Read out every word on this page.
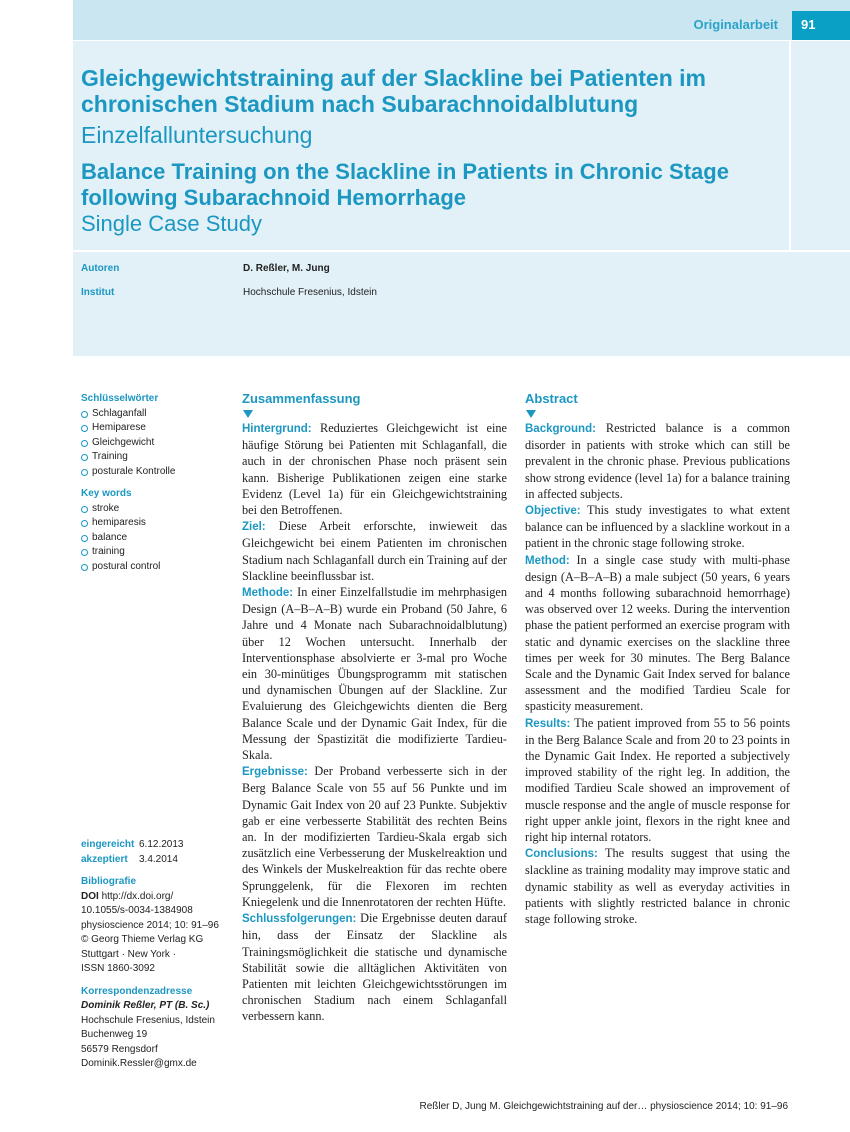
Originalarbeit	91
Gleichgewichtstraining auf der Slackline bei Patienten im chronischen Stadium nach Subarachnoidalblutung
Einzelfalluntersuchung
Balance Training on the Slackline in Patients in Chronic Stage following Subarachnoid Hemorrhage
Single Case Study
Autoren	D. Reßler, M. Jung
Institut	Hochschule Fresenius, Idstein
Schlüsselwörter
Schlaganfall
Hemiparese
Gleichgewicht
Training
posturale Kontrolle
Key words
stroke
hemiparesis
balance
training
postural control
eingereicht 6.12.2013
akzeptiert 3.4.2014
Bibliografie
DOI http://dx.doi.org/
10.1055/s-0034-1384908
physioscience 2014; 10: 91–96
© Georg Thieme Verlag KG
Stuttgart · New York ·
ISSN 1860-3092
Korrespondenzadresse
Dominik Reßler, PT (B. Sc.)
Hochschule Fresenius, Idstein
Buchenweg 19
56579 Rengsdorf
Dominik.Ressler@gmx.de
Zusammenfassung
Hintergrund: Reduziertes Gleichgewicht ist eine häufige Störung bei Patienten mit Schlaganfall, die auch in der chronischen Phase noch präsent sein kann. Bisherige Publikationen zeigen eine starke Evidenz (Level 1a) für ein Gleichgewichtstraining bei den Betroffenen.
Ziel: Diese Arbeit erforschte, inwieweit das Gleichgewicht bei einem Patienten im chronischen Stadium nach Schlaganfall durch ein Training auf der Slackline beeinflussbar ist.
Methode: In einer Einzelfallstudie im mehrphasigen Design (A–B–A–B) wurde ein Proband (50 Jahre, 6 Jahre und 4 Monate nach Subarachnoidalblutung) über 12 Wochen untersucht. Innerhalb der Interventionsphase absolvierte er 3-mal pro Woche ein 30-minütiges Übungsprogramm mit statischen und dynamischen Übungen auf der Slackline. Zur Evaluierung des Gleichgewichts dienten die Berg Balance Scale und der Dynamic Gait Index, für die Messung der Spastizität die modifizierte Tardieu-Skala.
Ergebnisse: Der Proband verbesserte sich in der Berg Balance Scale von 55 auf 56 Punkte und im Dynamic Gait Index von 20 auf 23 Punkte. Subjektiv gab er eine verbesserte Stabilität des rechten Beins an. In der modifizierten Tardieu-Skala ergab sich zusätzlich eine Verbesserung der Muskelreaktion und des Winkels der Muskelreaktion für das rechte obere Sprunggelenk, für die Flexoren im rechten Kniegelenk und die Innenrotatoren der rechten Hüfte.
Schlussfolgerungen: Die Ergebnisse deuten darauf hin, dass der Einsatz der Slackline als Trainingsmöglichkeit die statische und dynamische Stabilität sowie die alltäglichen Aktivitäten von Patienten mit leichten Gleichgewichtsstörungen im chronischen Stadium nach einem Schlaganfall verbessern kann.
Abstract
Background: Restricted balance is a common disorder in patients with stroke which can still be prevalent in the chronic phase. Previous publications show strong evidence (level 1a) for a balance training in affected subjects.
Objective: This study investigates to what extent balance can be influenced by a slackline workout in a patient in the chronic stage following stroke.
Method: In a single case study with multi-phase design (A–B–A–B) a male subject (50 years, 6 years and 4 months following subarachnoid hemorrhage) was observed over 12 weeks. During the intervention phase the patient performed an exercise program with static and dynamic exercises on the slackline three times per week for 30 minutes. The Berg Balance Scale and the Dynamic Gait Index served for balance assessment and the modified Tardieu Scale for spasticity measurement.
Results: The patient improved from 55 to 56 points in the Berg Balance Scale and from 20 to 23 points in the Dynamic Gait Index. He reported a subjectively improved stability of the right leg. In addition, the modified Tardieu Scale showed an improvement of muscle response and the angle of muscle response for right upper ankle joint, flexors in the right knee and right hip internal rotators.
Conclusions: The results suggest that using the slackline as training modality may improve static and dynamic stability as well as everyday activities in patients with slightly restricted balance in chronic stage following stroke.
Reßler D, Jung M. Gleichgewichtstraining auf der… physioscience 2014; 10: 91–96
